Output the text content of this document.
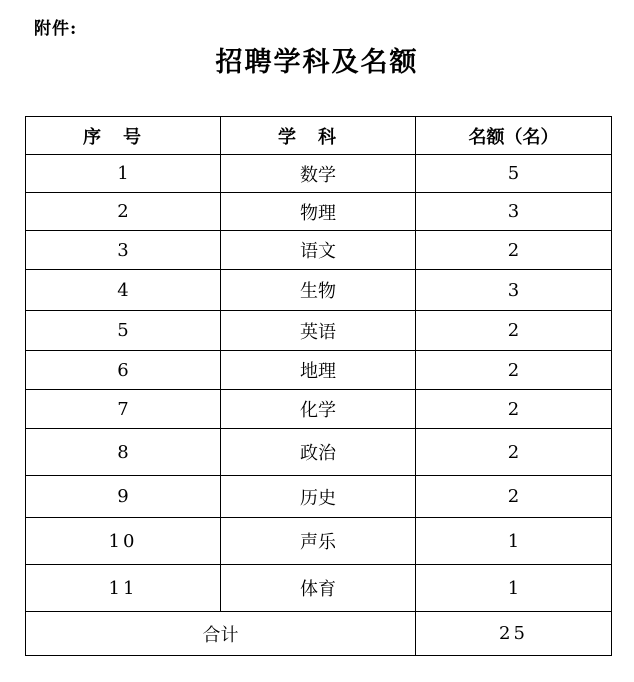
附件:
招聘学科及名额
序号	学科	名额（名）
1	数学	5
2	物理	3
3	语文	2
4	生物	3
5	英语	2
6	地理	2
7	化学	2
8	政治	2
9	历史	2
10	声乐	1
11	体育	1
合计		25
